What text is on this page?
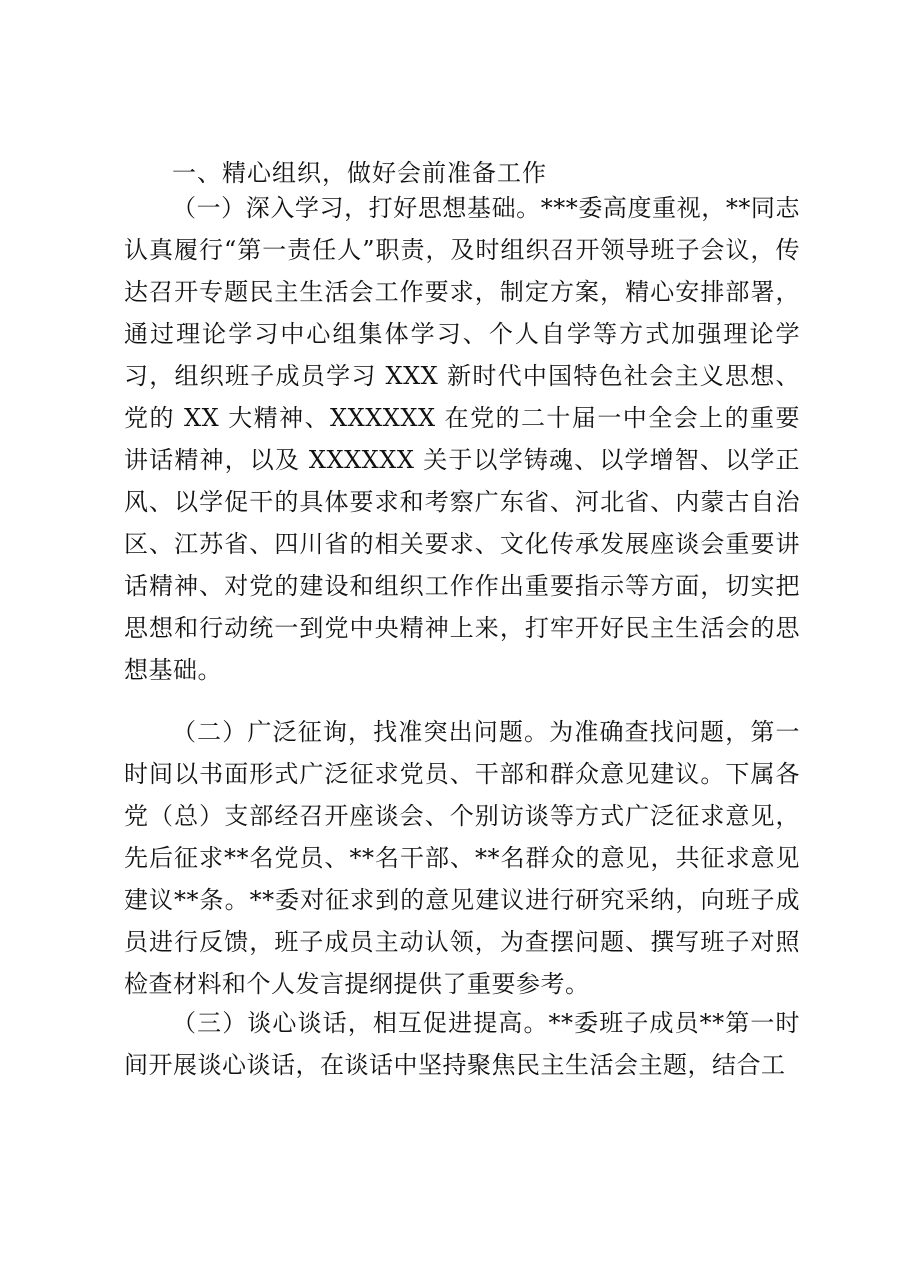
一、精心组织，做好会前准备工作

（一）深入学习，打好思想基础。***委高度重视，**同志认真履行“第一责任人”职责，及时组织召开领导班子会议，传达召开专题民主生活会工作要求，制定方案，精心安排部署，通过理论学习中心组集体学习、个人自学等方式加强理论学习，组织班子成员学习 XXX 新时代中国特色社会主义思想、党的 XX 大精神、XXXXXX 在党的二十届一中全会上的重要讲话精神，以及 XXXXXX 关于以学铸魂、以学增智、以学正风、以学促干的具体要求和考察广东省、河北省、内蒙古自治区、江苏省、四川省的相关要求、文化传承发展座谈会重要讲话精神、对党的建设和组织工作作出重要指示等方面，切实把思想和行动统一到党中央精神上来，打牢开好民主生活会的思想基础。

（二）广泛征询，找准突出问题。为准确查找问题，第一时间以书面形式广泛征求党员、干部和群众意见建议。下属各党（总）支部经召开座谈会、个别访谈等方式广泛征求意见，先后征求**名党员、**名干部、**名群众的意见，共征求意见建议**条。**委对征求到的意见建议进行研究采纳，向班子成员进行反馈，班子成员主动认领，为查摆问题、撰写班子对照检查材料和个人发言提纲提供了重要参考。

（三）谈心谈话，相互促进提高。**委班子成员**第一时间开展谈心谈话，在谈话中坚持聚焦民主生活会主题，结合工
